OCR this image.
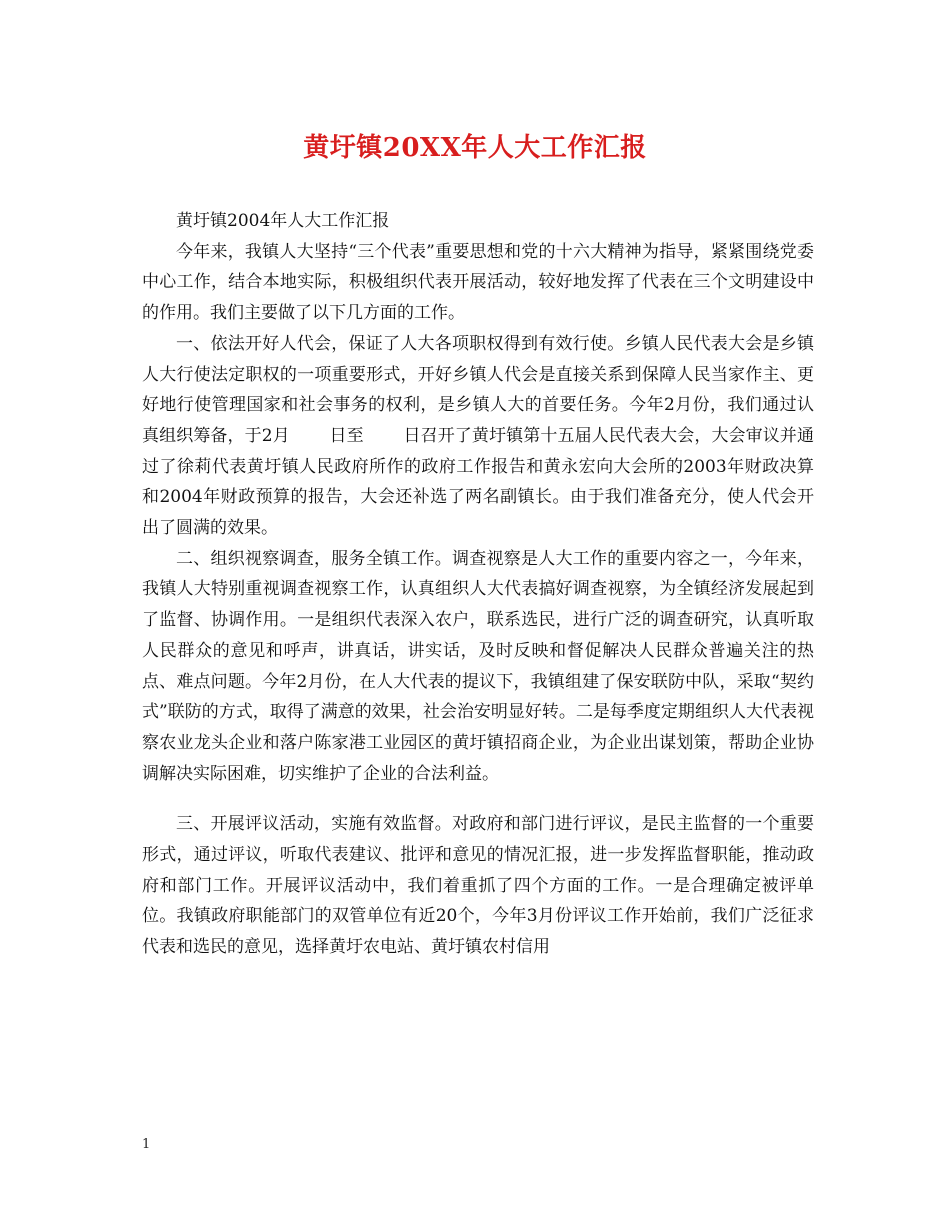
黄圩镇20XX年人大工作汇报

黄圩镇2004年人大工作汇报

今年来，我镇人大坚持“三个代表”重要思想和党的十六大精神为指导，紧紧围绕党委中心工作，结合本地实际，积极组织代表开展活动，较好地发挥了代表在三个文明建设中的作用。我们主要做了以下几方面的工作。

一、依法开好人代会，保证了人大各项职权得到有效行使。乡镇人民代表大会是乡镇人大行使法定职权的一项重要形式，开好乡镇人代会是直接关系到保障人民当家作主、更好地行使管理国家和社会事务的权利，是乡镇人大的首要任务。今年2月份，我们通过认真组织筹备，于2月　　 日至　　 日召开了黄圩镇第十五届人民代表大会，大会审议并通过了徐莉代表黄圩镇人民政府所作的政府工作报告和黄永宏向大会所的2003年财政决算和2004年财政预算的报告，大会还补选了两名副镇长。由于我们准备充分，使人代会开出了圆满的效果。

二、组织视察调查，服务全镇工作。调查视察是人大工作的重要内容之一，今年来，我镇人大特别重视调查视察工作，认真组织人大代表搞好调查视察，为全镇经济发展起到了监督、协调作用。一是组织代表深入农户，联系选民，进行广泛的调查研究，认真听取人民群众的意见和呼声，讲真话，讲实话，及时反映和督促解决人民群众普遍关注的热点、难点问题。今年2月份，在人大代表的提议下，我镇组建了保安联防中队，采取“契约式”联防的方式，取得了满意的效果，社会治安明显好转。二是每季度定期组织人大代表视察农业龙头企业和落户陈家港工业园区的黄圩镇招商企业，为企业出谋划策，帮助企业协调解决实际困难，切实维护了企业的合法利益。

三、开展评议活动，实施有效监督。对政府和部门进行评议，是民主监督的一个重要形式，通过评议，听取代表建议、批评和意见的情况汇报，进一步发挥监督职能，推动政府和部门工作。开展评议活动中，我们着重抓了四个方面的工作。一是合理确定被评单位。我镇政府职能部门的双管单位有近20个，今年3月份评议工作开始前，我们广泛征求代表和选民的意见，选择黄圩农电站、黄圩镇农村信用

1
